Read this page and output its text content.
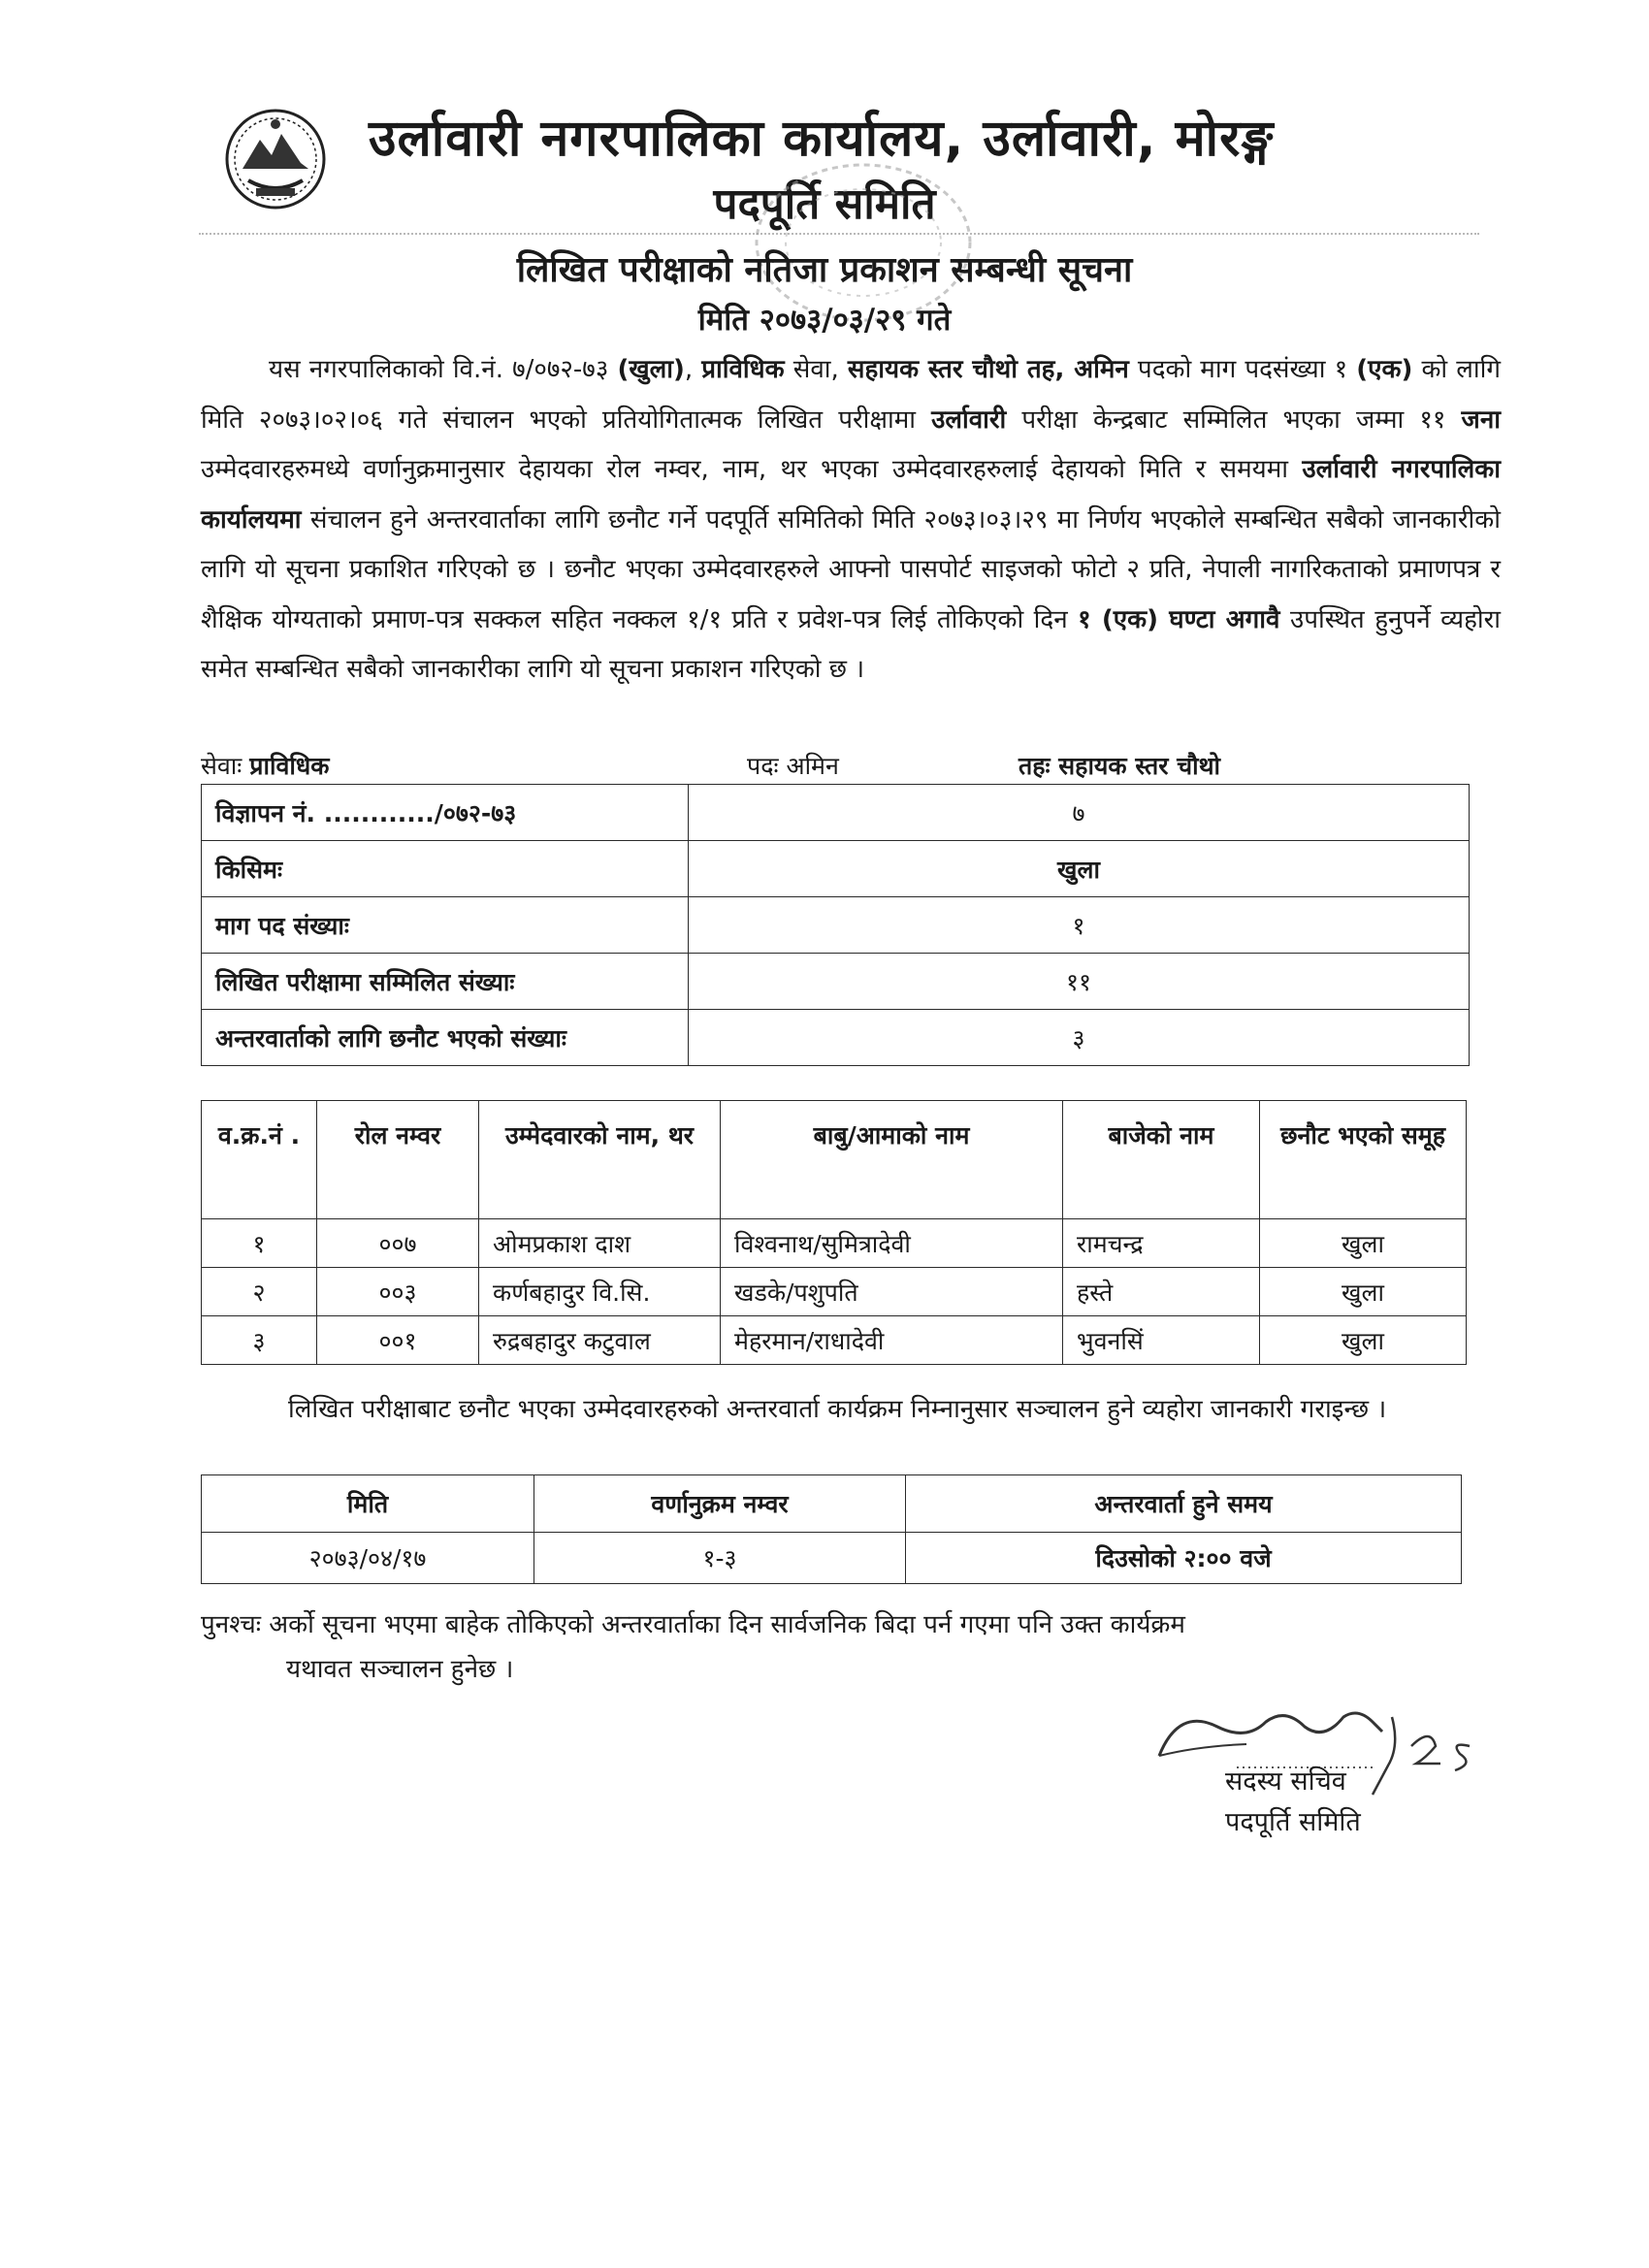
उर्लावारी नगरपालिका कार्यालय, उर्लावारी, मोरङ्ग
पदपूर्ति समिति
लिखित परीक्षाको नतिजा प्रकाशन सम्बन्धी सूचना
मिति २०७३/०३/२९ गते
यस नगरपालिकाको वि.नं. ७/०७२-७३ (खुला), प्राविधिक सेवा, सहायक स्तर चौथो तह, अमिन पदको माग पदसंख्या १ (एक) को लागि मिति २०७३।०२।०६ गते संचालन भएको प्रतियोगितात्मक लिखित परीक्षामा उर्लावारी परीक्षा केन्द्रबाट सम्मिलित भएका जम्मा ११ जना उम्मेदवारहरुमध्ये वर्णानुक्रमानुसार देहायका रोल नम्वर, नाम, थर भएका उम्मेदवारहरुलाई देहायको मिति र समयमा उर्लावारी नगरपालिका कार्यालयमा संचालन हुने अन्तरवार्ताका लागि छनौट गर्ने पदपूर्ति समितिको मिति २०७३।०३।२९ मा निर्णय भएकोले सम्बन्धित सबैको जानकारीको लागि यो सूचना प्रकाशित गरिएको छ । छनौट भएका उम्मेदवारहरुले आफ्नो पासपोर्ट साइजको फोटो २ प्रति, नेपाली नागरिकताको प्रमाणपत्र र शैक्षिक योग्यताको प्रमाण-पत्र सक्कल सहित नक्कल १/१ प्रति र प्रवेश-पत्र लिई तोकिएको दिन १ (एक) घण्टा अगावै उपस्थित हुनुपर्ने व्यहोरा समेत सम्बन्धित सबैको जानकारीका लागि यो सूचना प्रकाशन गरिएको छ ।
सेवाः प्राविधिक	पदः अमिन	तहः सहायक स्तर चौथो
विज्ञापन नं. ............/०७२-७३	७
किसिमः	खुला
माग पद संख्याः	१
लिखित परीक्षामा सम्मिलित संख्याः	११
अन्तरवार्ताको लागि छनौट भएको संख्याः	३
व.क्र.नं .	रोल नम्वर	उम्मेदवारको नाम, थर	बाबु/आमाको नाम	बाजेको नाम	छनौट भएको समूह
१	००७	ओमप्रकाश दाश	विश्वनाथ/सुमित्रादेवी	रामचन्द्र	खुला
२	००३	कर्णबहादुर वि.सि.	खडके/पशुपति	हस्ते	खुला
३	००१	रुद्रबहादुर कटुवाल	मेहरमान/राधादेवी	भुवनसिं	खुला
लिखित परीक्षाबाट छनौट भएका उम्मेदवारहरुको अन्तरवार्ता कार्यक्रम निम्नानुसार सञ्चालन हुने व्यहोरा जानकारी गराइन्छ ।
मिति	वर्णानुक्रम नम्वर	अन्तरवार्ता हुने समय
२०७३/०४/१७	१-३	दिउसोको २:०० वजे
पुनश्चः अर्को सूचना भएमा बाहेक तोकिएको अन्तरवार्ताका दिन सार्वजनिक बिदा पर्न गएमा पनि उक्त कार्यक्रम
यथावत सञ्चालन हुनेछ ।
सदस्य सचिव
पदपूर्ति समिति
